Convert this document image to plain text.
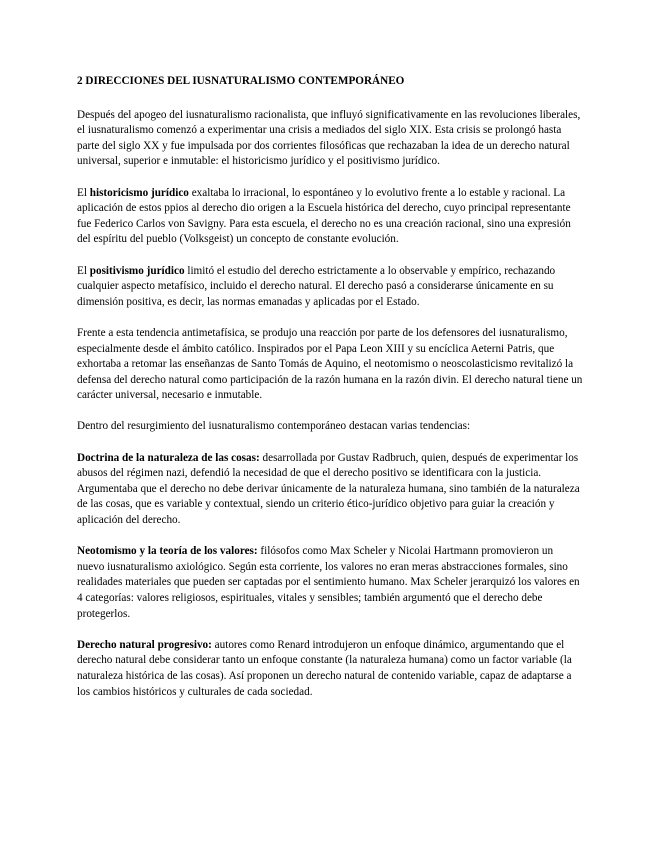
2 DIRECCIONES DEL IUSNATURALISMO CONTEMPORÁNEO

Después del apogeo del iusnaturalismo racionalista, que influyó significativamente en las revoluciones liberales, el iusnaturalismo comenzó a experimentar una crisis a mediados del siglo XIX. Esta crisis se prolongó hasta parte del siglo XX y fue impulsada por dos corrientes filosóficas que rechazaban la idea de un derecho natural universal, superior e inmutable: el historicismo jurídico y el positivismo jurídico.

El historicismo jurídico exaltaba lo irracional, lo espontáneo y lo evolutivo frente a lo estable y racional. La aplicación de estos ppios al derecho dio origen a la Escuela histórica del derecho, cuyo principal representante fue Federico Carlos von Savigny. Para esta escuela, el derecho no es una creación racional, sino una expresión del espíritu del pueblo (Volksgeist) un concepto de constante evolución.

El positivismo jurídico limitó el estudio del derecho estrictamente a lo observable y empírico, rechazando cualquier aspecto metafísico, incluido el derecho natural. El derecho pasó a considerarse únicamente en su dimensión positiva, es decir, las normas emanadas y aplicadas por el Estado.

Frente a esta tendencia antimetafísica, se produjo una reacción por parte de los defensores del iusnaturalismo, especialmente desde el ámbito católico. Inspirados por el Papa Leon XIII y su encíclica Aeterni Patris, que exhortaba a retomar las enseñanzas de Santo Tomás de Aquino, el neotomismo o neoscolasticismo revitalizó la defensa del derecho natural como participación de la razón humana en la razón divin. El derecho natural tiene un carácter universal, necesario e inmutable.

Dentro del resurgimiento del iusnaturalismo contemporáneo destacan varias tendencias:

Doctrina de la naturaleza de las cosas: desarrollada por Gustav Radbruch, quien, después de experimentar los abusos del régimen nazi, defendió la necesidad de que el derecho positivo se identificara con la justicia. Argumentaba que el derecho no debe derivar únicamente de la naturaleza humana, sino también de la naturaleza de las cosas, que es variable y contextual, siendo un criterio ético-jurídico objetivo para guiar la creación y aplicación del derecho.

Neotomismo y la teoría de los valores: filósofos como Max Scheler y Nicolai Hartmann promovieron un nuevo iusnaturalismo axiológico. Según esta corriente, los valores no eran meras abstracciones formales, sino realidades materiales que pueden ser captadas por el sentimiento humano. Max Scheler jerarquizó los valores en 4 categorías: valores religiosos, espirituales, vitales y sensibles; también argumentó que el derecho debe protegerlos.

Derecho natural progresivo: autores como Renard introdujeron un enfoque dinámico, argumentando que el derecho natural debe considerar tanto un enfoque constante (la naturaleza humana) como un factor variable (la naturaleza histórica de las cosas). Así proponen un derecho natural de contenido variable, capaz de adaptarse a los cambios históricos y culturales de cada sociedad.
